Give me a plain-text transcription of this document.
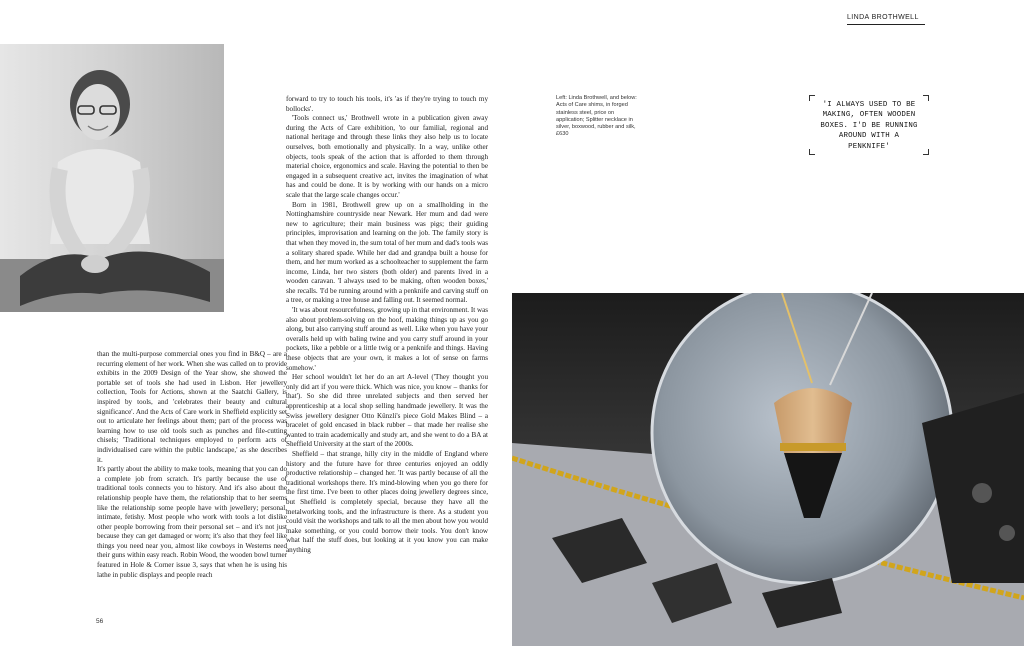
LINDA BROTHWELL

than the multi-purpose commercial ones you find in B&Q – are a recurring element of her work. When she was called on to provide exhibits in the 2009 Design of the Year show, she showed the portable set of tools she had used in Lisbon. Her jewellery collection, Tools for Actions, shown at the Saatchi Gallery, is inspired by tools, and 'celebrates their beauty and cultural significance'. And the Acts of Care work in Sheffield explicitly set out to articulate her feelings about them; part of the process was learning how to use old tools such as punches and file-cutting chisels; 'Traditional techniques employed to perform acts of individualised care within the public landscape,' as she describes it.

It's partly about the ability to make tools, meaning that you can do a complete job from scratch. It's partly because the use of traditional tools connects you to history. And it's also about the relationship people have them, the relationship that to her seems like the relationship some people have with jewellery; personal, intimate, fetishy. Most people who work with tools a lot dislike other people borrowing from their personal set – and it's not just because they can get damaged or worn; it's also that they feel like things you need near you, almost like cowboys in Westerns need their guns within easy reach. Robin Wood, the wooden bowl turner featured in Hole & Corner issue 3, says that when he is using his lathe in public displays and people reach

forward to try to touch his tools, it's 'as if they're trying to touch my bollocks'.

'Tools connect us,' Brothwell wrote in a publication given away during the Acts of Care exhibition, 'to our familial, regional and national heritage and through these links they also help us to locate ourselves, both emotionally and physically. In a way, unlike other objects, tools speak of the action that is afforded to them through material choice, ergonomics and scale. Having the potential to then be engaged in a subsequent creative act, invites the imagination of what has and could be done. It is by working with our hands on a micro scale that the large scale changes occur.'

Born in 1981, Brothwell grew up on a smallholding in the Nottinghamshire countryside near Newark. Her mum and dad were new to agriculture; their main business was pigs; their guiding principles, improvisation and learning on the job. The family story is that when they moved in, the sum total of her mum and dad's tools was a solitary shared spade. While her dad and grandpa built a house for them, and her mum worked as a schoolteacher to supplement the farm income, Linda, her two sisters (both older) and parents lived in a wooden caravan. 'I always used to be making, often wooden boxes,' she recalls. 'I'd be running around with a penknife and carving stuff on a tree, or making a tree house and falling out. It seemed normal.

'It was about resourcefulness, growing up in that environment. It was also about problem-solving on the hoof, making things up as you go along, but also carrying stuff around as well. Like when you have your overalls held up with baling twine and you carry stuff around in your pockets, like a pebble or a little twig or a penknife and things. Having these objects that are your own, it makes a lot of sense on farms somehow.'

Her school wouldn't let her do an art A-level ('They thought you only did art if you were thick. Which was nice, you know – thanks for that'). So she did three unrelated subjects and then served her apprenticeship at a local shop selling handmade jewellery. It was the Swiss jewellery designer Otto Künzli's piece Gold Makes Blind – a bracelet of gold encased in black rubber – that made her realise she wanted to train academically and study art, and she went to do a BA at Sheffield University at the start of the 2000s.

Sheffield – that strange, hilly city in the middle of England where history and the future have for three centuries enjoyed an oddly productive relationship – changed her. 'It was partly because of all the traditional workshops there. It's mind-blowing when you go there for the first time. I've been to other places doing jewellery degrees since, but Sheffield is completely special, because they have all the metalworking tools, and the infrastructure is there. As a student you could visit the workshops and talk to all the men about how you would make something, or you could borrow their tools. You don't know what half the stuff does, but looking at it you know you can make anything

56
Left: Linda Brothwell, and below: Acts of Care shims, in forged stainless steel, price on application; Splitter necklace in silver, boxwood, rubber and silk, £630
'I ALWAYS USED TO BE MAKING, OFTEN WOODEN BOXES. I'D BE RUNNING AROUND WITH A PENKNIFE'
